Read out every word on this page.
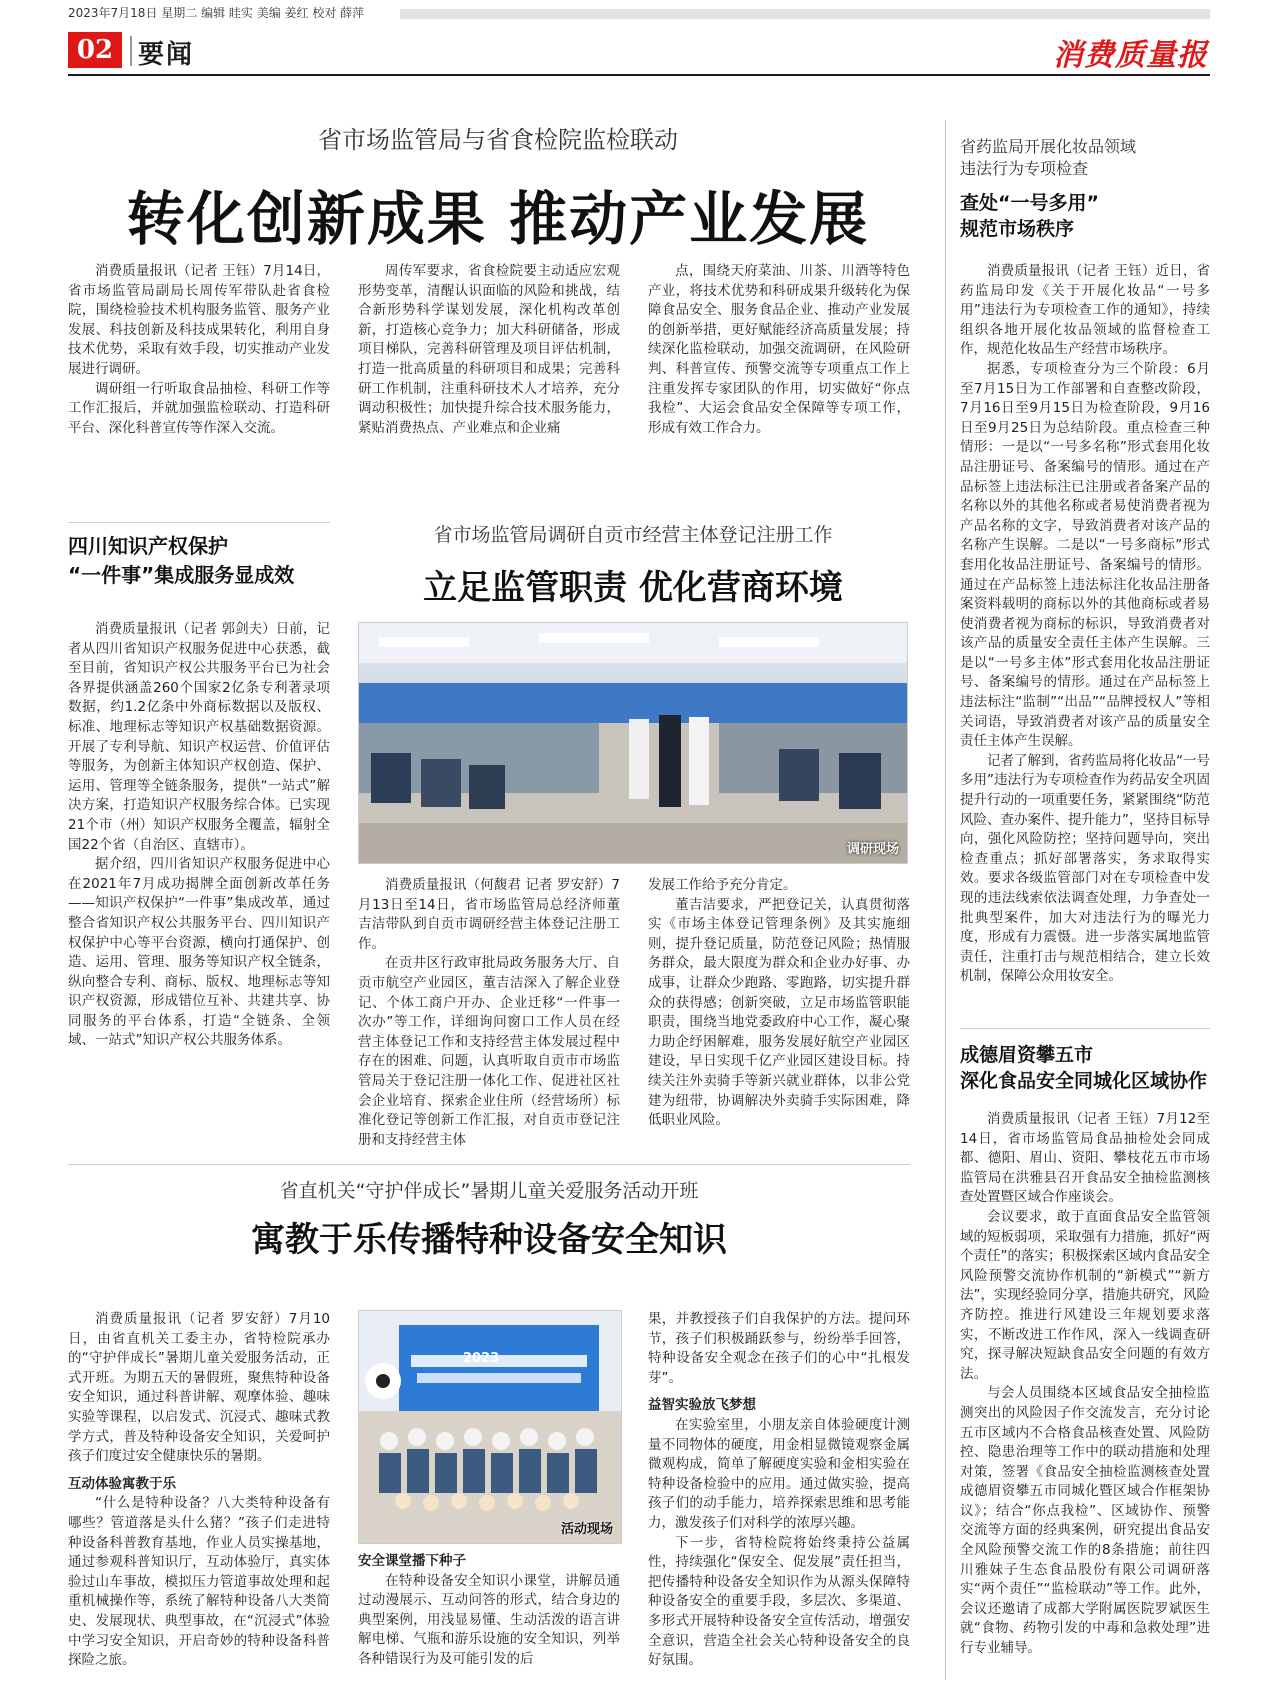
2023年7月18日 星期二 编辑 眭实 美编 姜红 校对 薛萍
02 要闻	消费质量报
省市场监管局与省食检院监检联动
转化创新成果 推动产业发展

消费质量报讯（记者 王钰）7月14日，省市场监管局副局长周传军带队赴省食检院，围绕检验技术机构服务监管、服务产业发展、科技创新及科技成果转化，利用自身技术优势，采取有效手段，切实推动产业发展进行调研。

调研组一行听取食品抽检、科研工作等工作汇报后，并就加强监检联动、打造科研平台、深化科普宣传等作深入交流。

周传军要求，省食检院要主动适应宏观形势变革，清醒认识面临的风险和挑战，结合新形势科学谋划发展，深化机构改革创新，打造核心竞争力；加大科研储备，形成项目梯队，完善科研管理及项目评估机制，打造一批高质量的科研项目和成果；完善科研工作机制，注重科研技术人才培养，充分调动积极性；加快提升综合技术服务能力，紧贴消费热点、产业难点和企业痛

点，围绕天府菜油、川茶、川酒等特色产业，将技术优势和科研成果升级转化为保障食品安全、服务食品企业、推动产业发展的创新举措，更好赋能经济高质量发展；持续深化监检联动，加强交流调研，在风险研判、科普宣传、预警交流等专项重点工作上注重发挥专家团队的作用，切实做好“你点我检”、大运会食品安全保障等专项工作，形成有效工作合力。

四川知识产权保护
“一件事”集成服务显成效

消费质量报讯（记者 郭剑夫）日前，记者从四川省知识产权服务促进中心获悉，截至目前，省知识产权公共服务平台已为社会各界提供涵盖260个国家2亿条专利著录项数据，约1.2亿条中外商标数据以及版权、标准、地理标志等知识产权基础数据资源。开展了专利导航、知识产权运营、价值评估等服务，为创新主体知识产权创造、保护、运用、管理等全链条服务，提供“一站式”解决方案，打造知识产权服务综合体。已实现21个市（州）知识产权服务全覆盖，辐射全国22个省（自治区、直辖市）。

据介绍，四川省知识产权服务促进中心在2021年7月成功揭牌全面创新改革任务——知识产权保护“一件事”集成改革，通过整合省知识产权公共服务平台、四川知识产权保护中心等平台资源，横向打通保护、创造、运用、管理、服务等知识产权全链条，纵向整合专利、商标、版权、地理标志等知识产权资源，形成错位互补、共建共享、协同服务的平台体系，打造“全链条、全领域、一站式”知识产权公共服务体系。

省市场监管局调研自贡市经营主体登记注册工作
立足监管职责 优化营商环境
调研现场

消费质量报讯（何馥君 记者 罗安舒）7月13日至14日，省市场监管局总经济师董吉洁带队到自贡市调研经营主体登记注册工作。

在贡井区行政审批局政务服务大厅、自贡市航空产业园区，董吉洁深入了解企业登记、个体工商户开办、企业迁移“一件事一次办”等工作，详细询问窗口工作人员在经营主体登记工作和支持经营主体发展过程中存在的困难、问题，认真听取自贡市市场监管局关于登记注册一体化工作、促进社区社会企业培育、探索企业住所（经营场所）标准化登记等创新工作汇报，对自贡市登记注册和支持经营主体

发展工作给予充分肯定。

董吉洁要求，严把登记关，认真贯彻落实《市场主体登记管理条例》及其实施细则，提升登记质量，防范登记风险；热情服务群众，最大限度为群众和企业办好事、办成事，让群众少跑路、零跑路，切实提升群众的获得感；创新突破，立足市场监管职能职责，围绕当地党委政府中心工作，凝心聚力助企纾困解难，服务发展好航空产业园区建设，早日实现千亿产业园区建设目标。持续关注外卖骑手等新兴就业群体，以非公党建为纽带，协调解决外卖骑手实际困难，降低职业风险。

省直机关“守护伴成长”暑期儿童关爱服务活动开班
寓教于乐传播特种设备安全知识

消费质量报讯（记者 罗安舒）7月10日，由省直机关工委主办，省特检院承办的“守护伴成长”暑期儿童关爱服务活动，正式开班。为期五天的暑假班，聚焦特种设备安全知识，通过科普讲解、观摩体验、趣味实验等课程，以启发式、沉浸式、趣味式教学方式，普及特种设备安全知识，关爱呵护孩子们度过安全健康快乐的暑期。

互动体验寓教于乐

“什么是特种设备？八大类特种设备有哪些？管道落是头什么猪？”孩子们走进特种设备科普教育基地，作业人员实操基地，通过参观科普知识厅，互动体验厅，真实体验过山车事故，模拟压力管道事故处理和起重机械操作等，系统了解特种设备八大类简史、发展现状、典型事故，在“沉浸式”体验中学习安全知识，开启奇妙的特种设备科普探险之旅。

2023
活动现场
安全课堂播下种子

在特种设备安全知识小课堂，讲解员通过动漫展示、互动问答的形式，结合身边的典型案例，用浅显易懂、生动活泼的语言讲解电梯、气瓶和游乐设施的安全知识，列举各种错误行为及可能引发的后

果，并教授孩子们自我保护的方法。提问环节，孩子们积极踊跃参与，纷纷举手回答，特种设备安全观念在孩子们的心中“扎根发芽”。

益智实验放飞梦想

在实验室里，小朋友亲自体验硬度计测量不同物体的硬度，用金相显微镜观察金属微观构成，简单了解硬度实验和金相实验在特种设备检验中的应用。通过做实验，提高孩子们的动手能力，培养探索思维和思考能力，激发孩子们对科学的浓厚兴趣。

下一步，省特检院将始终秉持公益属性，持续强化“保安全、促发展”责任担当，把传播特种设备安全知识作为从源头保障特种设备安全的重要手段，多层次、多渠道、多形式开展特种设备安全宣传活动，增强安全意识，营造全社会关心特种设备安全的良好氛围。

省药监局开展化妆品领域
违法行为专项检查
查处“一号多用”
规范市场秩序

消费质量报讯（记者 王钰）近日，省药监局印发《关于开展化妆品“一号多用”违法行为专项检查工作的通知》，持续组织各地开展化妆品领域的监督检查工作，规范化妆品生产经营市场秩序。

据悉，专项检查分为三个阶段：6月至7月15日为工作部署和自查整改阶段，7月16日至9月15日为检查阶段，9月16日至9月25日为总结阶段。重点检查三种情形：一是以“一号多名称”形式套用化妆品注册证号、备案编号的情形。通过在产品标签上违法标注已注册或者备案产品的名称以外的其他名称或者易使消费者视为产品名称的文字，导致消费者对该产品的名称产生误解。二是以“一号多商标”形式套用化妆品注册证号、备案编号的情形。通过在产品标签上违法标注化妆品注册备案资料载明的商标以外的其他商标或者易使消费者视为商标的标识，导致消费者对该产品的质量安全责任主体产生误解。三是以“一号多主体”形式套用化妆品注册证号、备案编号的情形。通过在产品标签上违法标注“监制”“出品”“品牌授权人”等相关词语，导致消费者对该产品的质量安全责任主体产生误解。

记者了解到，省药监局将化妆品“一号多用”违法行为专项检查作为药品安全巩固提升行动的一项重要任务，紧紧围绕“防范风险、查办案件、提升能力”，坚持目标导向，强化风险防控；坚持问题导向，突出检查重点；抓好部署落实，务求取得实效。要求各级监管部门对在专项检查中发现的违法线索依法调查处理，力争查处一批典型案件，加大对违法行为的曝光力度，形成有力震慑。进一步落实属地监管责任，注重打击与规范相结合，建立长效机制，保障公众用妆安全。

成德眉资攀五市
深化食品安全同城化区域协作

消费质量报讯（记者 王钰）7月12至14日，省市场监管局食品抽检处会同成都、德阳、眉山、资阳、攀枝花五市市场监管局在洪雅县召开食品安全抽检监测核查处置暨区域合作座谈会。

会议要求，敢于直面食品安全监管领域的短板弱项，采取强有力措施，抓好“两个责任”的落实；积极探索区域内食品安全风险预警交流协作机制的“新模式”“新方法”，实现经验同分享，措施共研究，风险齐防控。推进行风建设三年规划要求落实，不断改进工作作风，深入一线调查研究，探寻解决短缺食品安全问题的有效方法。

与会人员围绕本区域食品安全抽检监测突出的风险因子作交流发言，充分讨论五市区域内不合格食品核查处置、风险防控、隐患治理等工作中的联动措施和处理对策，签署《食品安全抽检监测核查处置成德眉资攀五市同城化暨区域合作框架协议》；结合“你点我检”、区域协作、预警交流等方面的经典案例，研究提出食品安全风险预警交流工作的8条措施；前往四川雅妹子生态食品股份有限公司调研落实“两个责任”“监检联动”等工作。此外，会议还邀请了成都大学附属医院罗斌医生就“食物、药物引发的中毒和急救处理”进行专业辅导。
